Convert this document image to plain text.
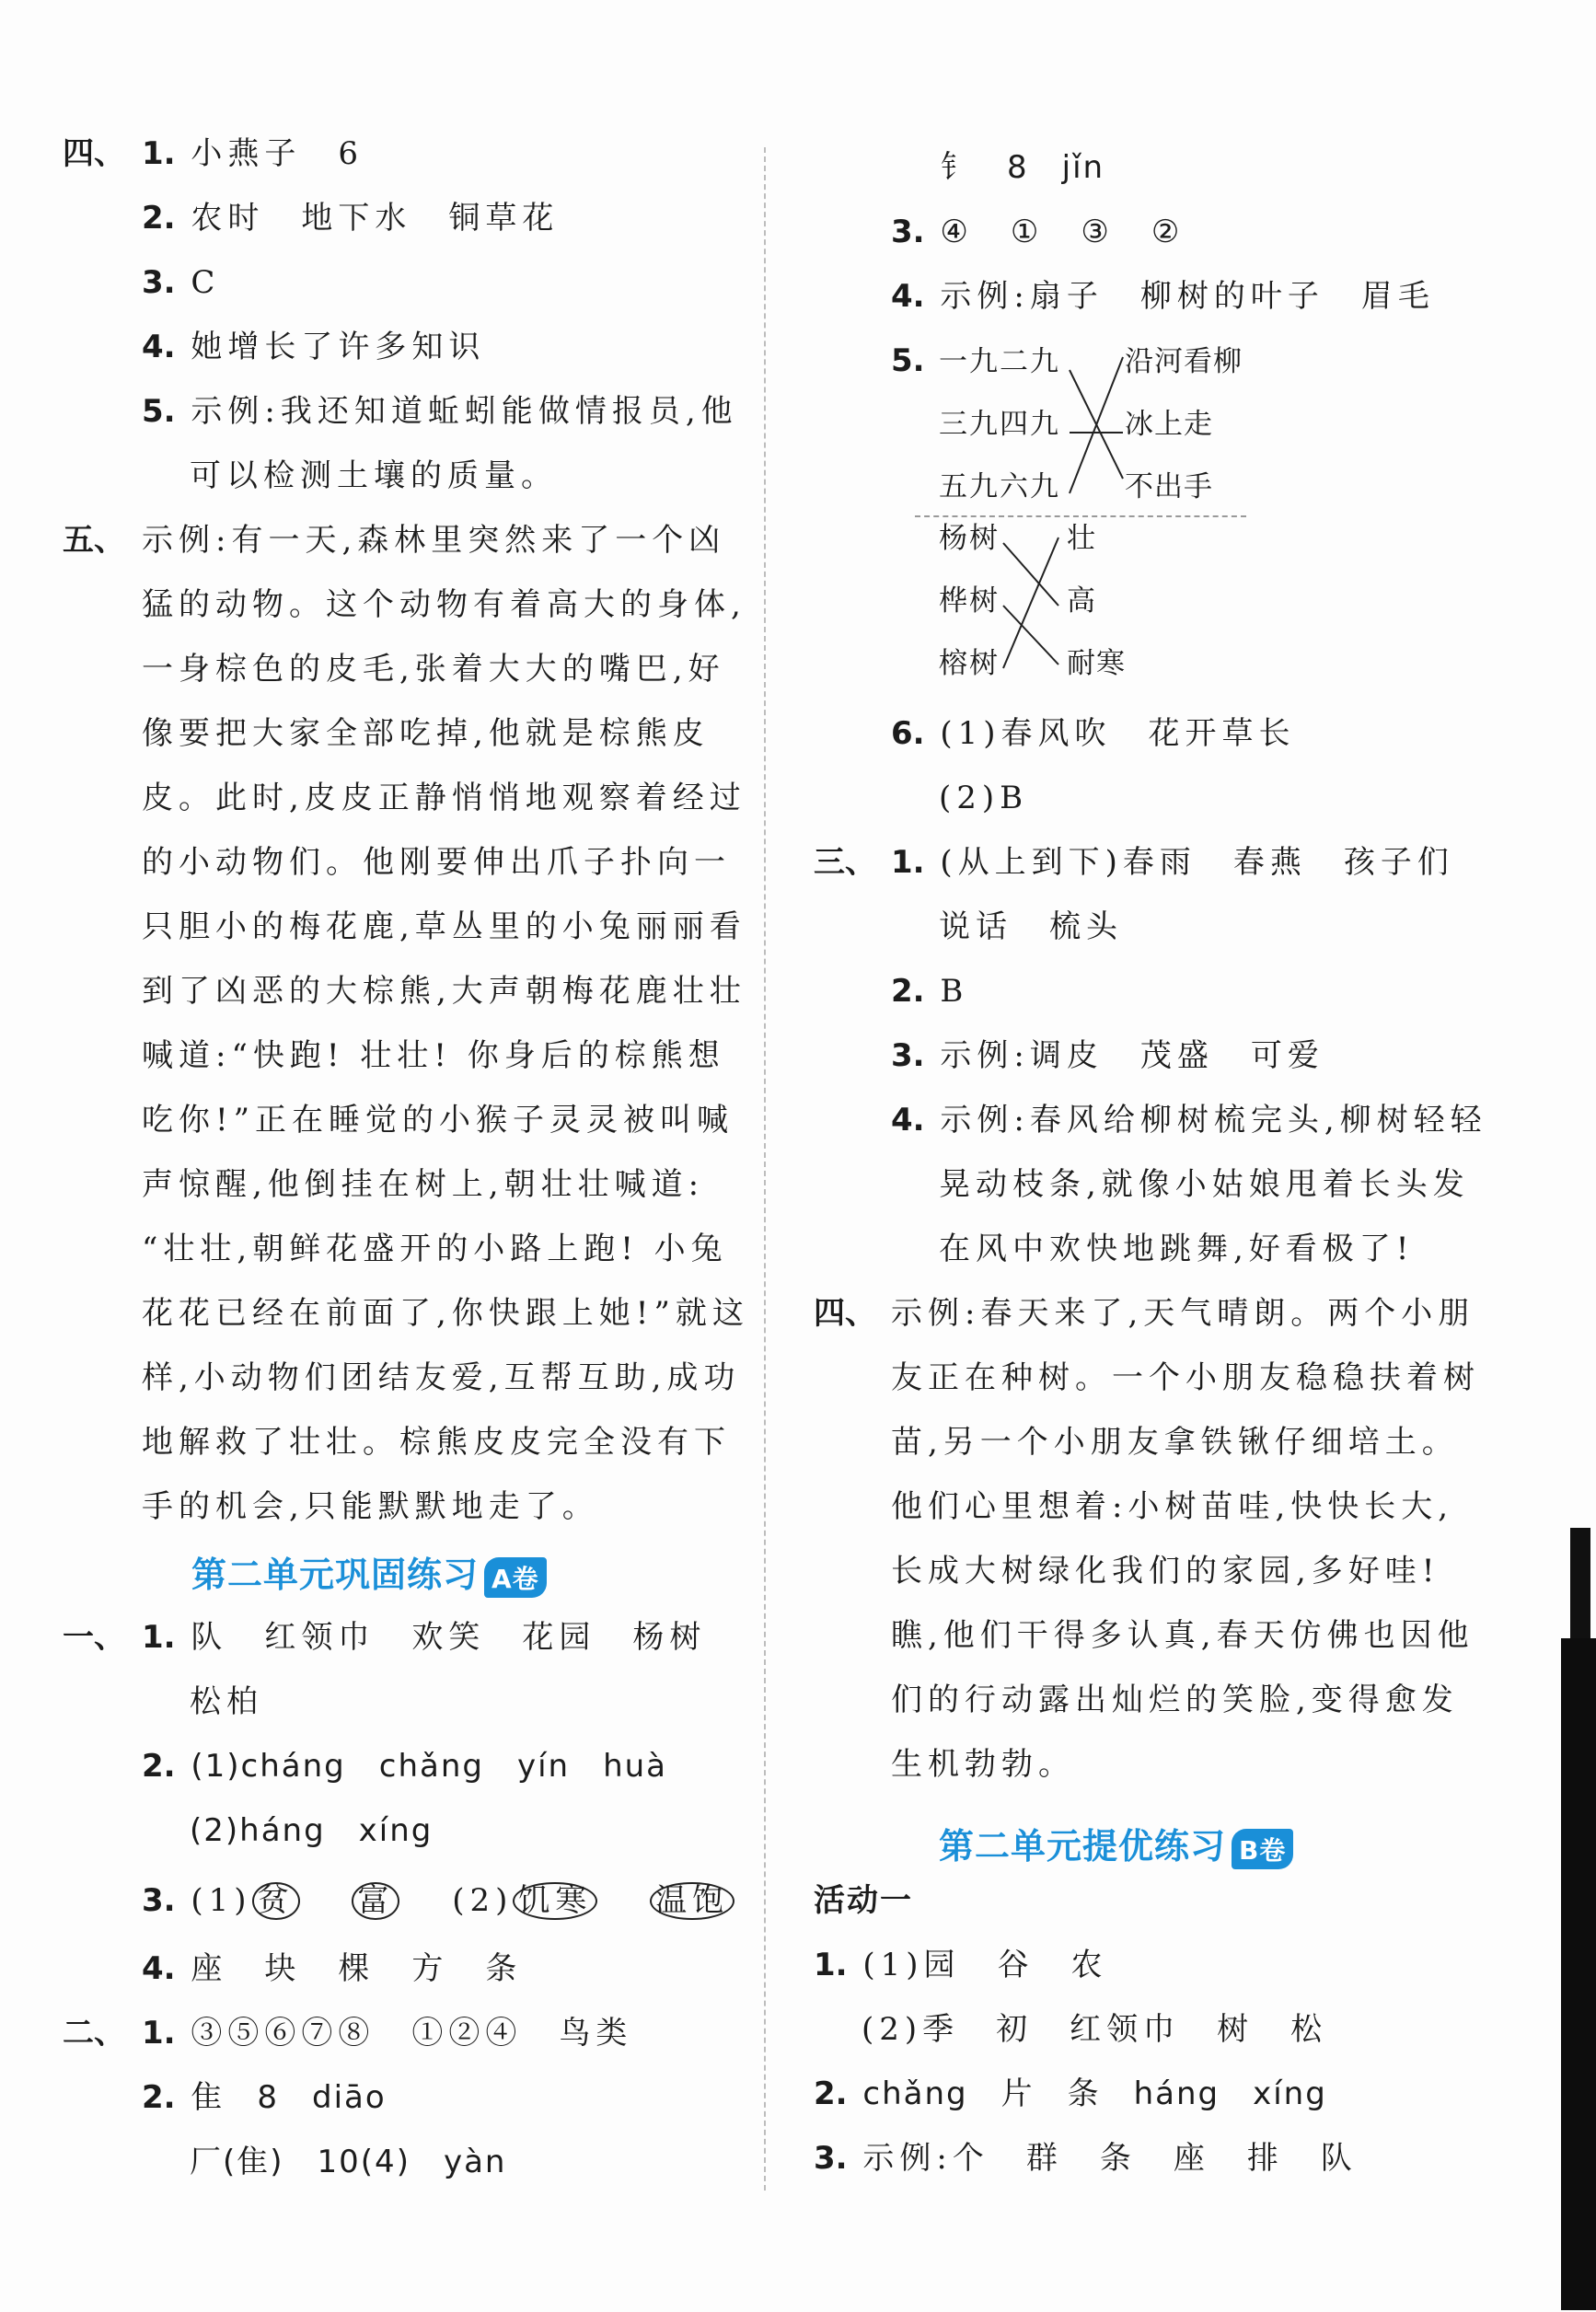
四、 1. 小燕子　6
2. 农时　地下水　铜草花
3. C
4. 她增长了许多知识
5. 示例:我还知道蚯蚓能做情报员,他
可以检测土壤的质量。
五、 示例:有一天,森林里突然来了一个凶
猛的动物。这个动物有着高大的身体,
一身棕色的皮毛,张着大大的嘴巴,好
像要把大家全部吃掉,他就是棕熊皮
皮。此时,皮皮正静悄悄地观察着经过
的小动物们。他刚要伸出爪子扑向一
只胆小的梅花鹿,草丛里的小兔丽丽看
到了凶恶的大棕熊,大声朝梅花鹿壮壮
喊道:“快跑! 壮壮! 你身后的棕熊想
吃你!”正在睡觉的小猴子灵灵被叫喊
声惊醒,他倒挂在树上,朝壮壮喊道:
“壮壮,朝鲜花盛开的小路上跑! 小兔
花花已经在前面了,你快跟上她!”就这
样,小动物们团结友爱,互帮互助,成功
地解救了壮壮。棕熊皮皮完全没有下
手的机会,只能默默地走了。
第二单元巩固练习 A卷
一、 1. 队　红领巾　欢笑　花园　杨树
松柏
2. (1)cháng　chǎng　yín　huà
(2)háng　xíng
3. (1) 贫 　 富 　 (2) 饥寒 　 温饱
4. 座　块　棵　方　条
二、 1. ③⑤⑥⑦⑧　①②④　鸟类
2. 隹　8　diāo
厂(隹)　10(4)　yàn
钅　8　jǐn
3. ④　①　③　②
4. 示例:扇子　柳树的叶子　眉毛
5. 一九二九
三九四九
五九六九
沿河看柳
冰上走
不出手
杨树
桦树
榕树
壮
高
耐寒
6. (1)春风吹　花开草长
(2)B
三、 1. (从上到下)春雨　春燕　孩子们
说话　梳头
2. B
3. 示例:调皮　茂盛　可爱
4. 示例:春风给柳树梳完头,柳树轻轻
晃动枝条,就像小姑娘甩着长头发
在风中欢快地跳舞,好看极了!
四、 示例:春天来了,天气晴朗。两个小朋
友正在种树。一个小朋友稳稳扶着树
苗,另一个小朋友拿铁锹仔细培土。
他们心里想着:小树苗哇,快快长大,
长成大树绿化我们的家园,多好哇!
瞧,他们干得多认真,春天仿佛也因他
们的行动露出灿烂的笑脸,变得愈发
生机勃勃。
第二单元提优练习 B卷
活动一
1. (1)园　谷　农
(2)季　初　红领巾　树　松
2. chǎng　片　条　háng　xíng
3. 示例:个　群　条　座　排　队
